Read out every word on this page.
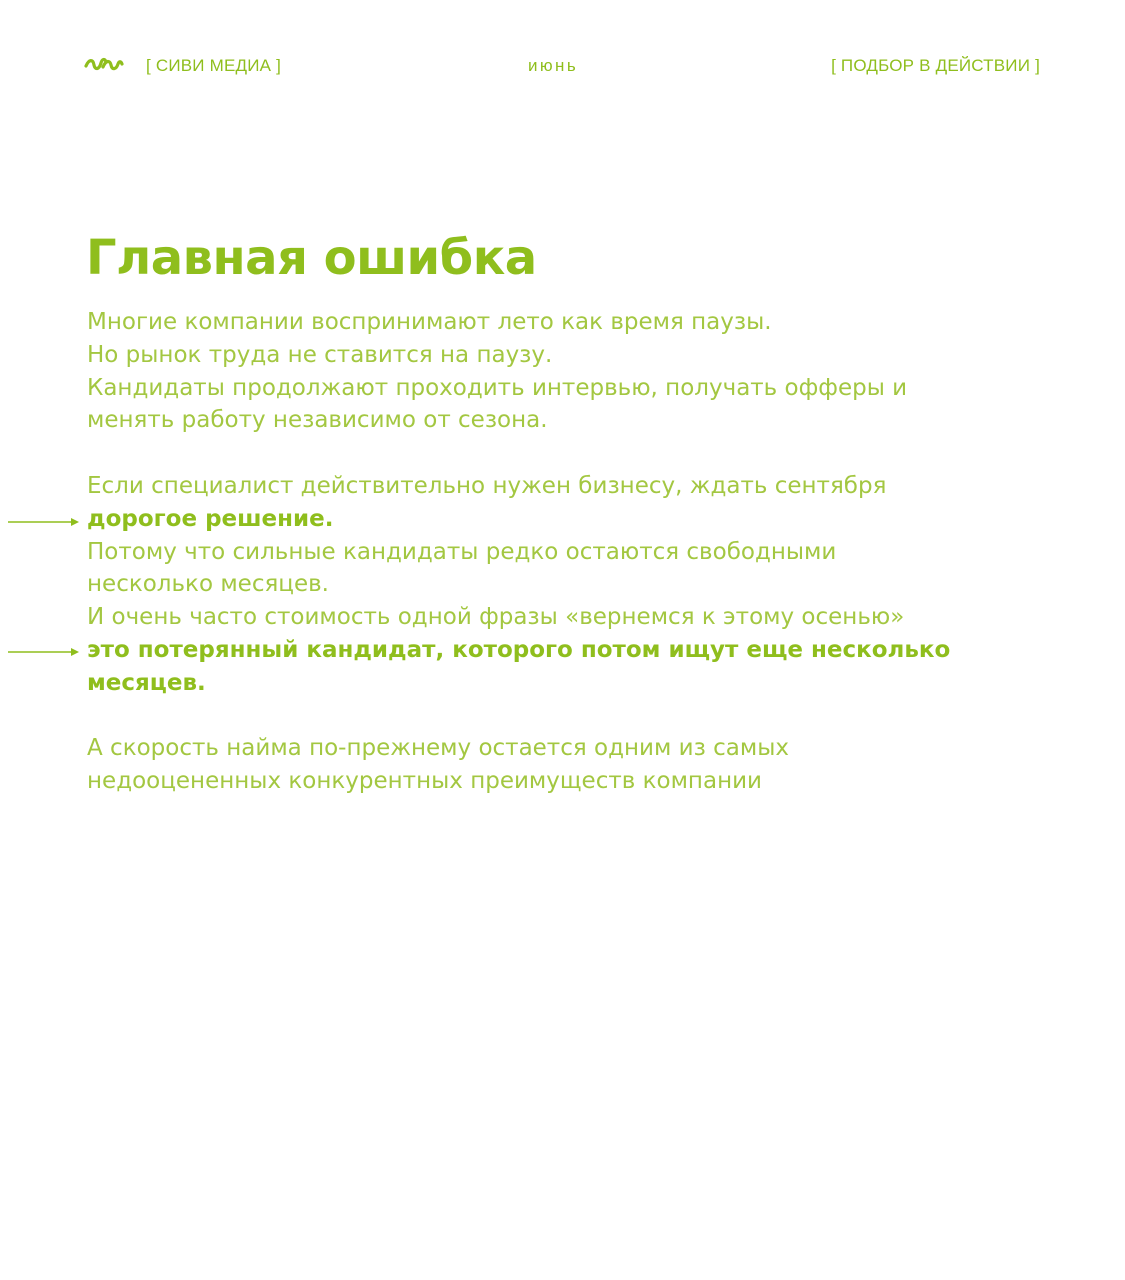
[ СИВИ МЕДИА ]	июнь	[ ПОДБОР В ДЕЙСТВИИ ]
Главная ошибка
Многие компании воспринимают лето как время паузы.
Но рынок труда не ставится на паузу.
Кандидаты продолжают проходить интервью, получать офферы и
менять работу независимо от сезона.
Если специалист действительно нужен бизнесу, ждать сентября
дорогое решение.
Потому что сильные кандидаты редко остаются свободными
несколько месяцев.
И очень часто стоимость одной фразы «вернемся к этому осенью»
это потерянный кандидат, которого потом ищут еще несколько
месяцев.
А скорость найма по-прежнему остается одним из самых
недооцененных конкурентных преимуществ компании
